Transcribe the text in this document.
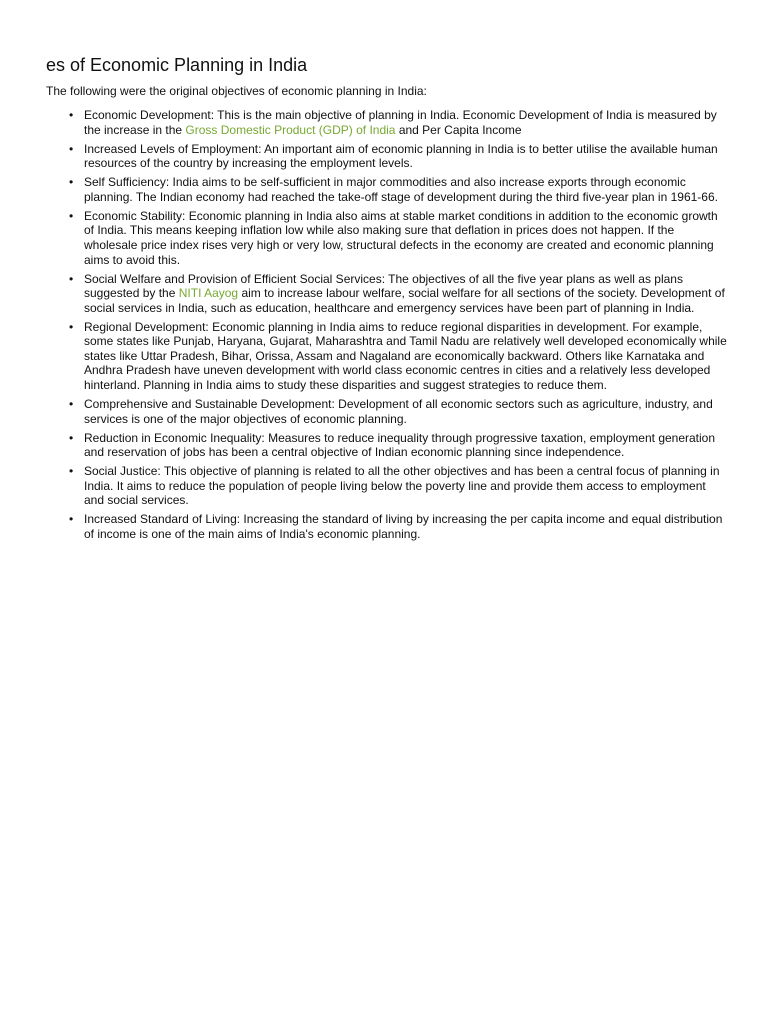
es of Economic Planning in India

The following were the original objectives of economic planning in India:

• Economic Development: This is the main objective of planning in India. Economic Development of India is measured by the increase in the Gross Domestic Product (GDP) of India and Per Capita Income
• Increased Levels of Employment: An important aim of economic planning in India is to better utilise the available human resources of the country by increasing the employment levels.
• Self Sufficiency: India aims to be self-sufficient in major commodities and also increase exports through economic planning. The Indian economy had reached the take-off stage of development during the third five-year plan in 1961-66.
• Economic Stability: Economic planning in India also aims at stable market conditions in addition to the economic growth of India. This means keeping inflation low while also making sure that deflation in prices does not happen. If the wholesale price index rises very high or very low, structural defects in the economy are created and economic planning aims to avoid this.
• Social Welfare and Provision of Efficient Social Services: The objectives of all the five year plans as well as plans suggested by the NITI Aayog aim to increase labour welfare, social welfare for all sections of the society. Development of social services in India, such as education, healthcare and emergency services have been part of planning in India.
• Regional Development: Economic planning in India aims to reduce regional disparities in development. For example, some states like Punjab, Haryana, Gujarat, Maharashtra and Tamil Nadu are relatively well developed economically while states like Uttar Pradesh, Bihar, Orissa, Assam and Nagaland are economically backward. Others like Karnataka and Andhra Pradesh have uneven development with world class economic centres in cities and a relatively less developed hinterland. Planning in India aims to study these disparities and suggest strategies to reduce them.
• Comprehensive and Sustainable Development: Development of all economic sectors such as agriculture, industry, and services is one of the major objectives of economic planning.
• Reduction in Economic Inequality: Measures to reduce inequality through progressive taxation, employment generation and reservation of jobs has been a central objective of Indian economic planning since independence.
• Social Justice: This objective of planning is related to all the other objectives and has been a central focus of planning in India. It aims to reduce the population of people living below the poverty line and provide them access to employment and social services.
• Increased Standard of Living: Increasing the standard of living by increasing the per capita income and equal distribution of income is one of the main aims of India's economic planning.
